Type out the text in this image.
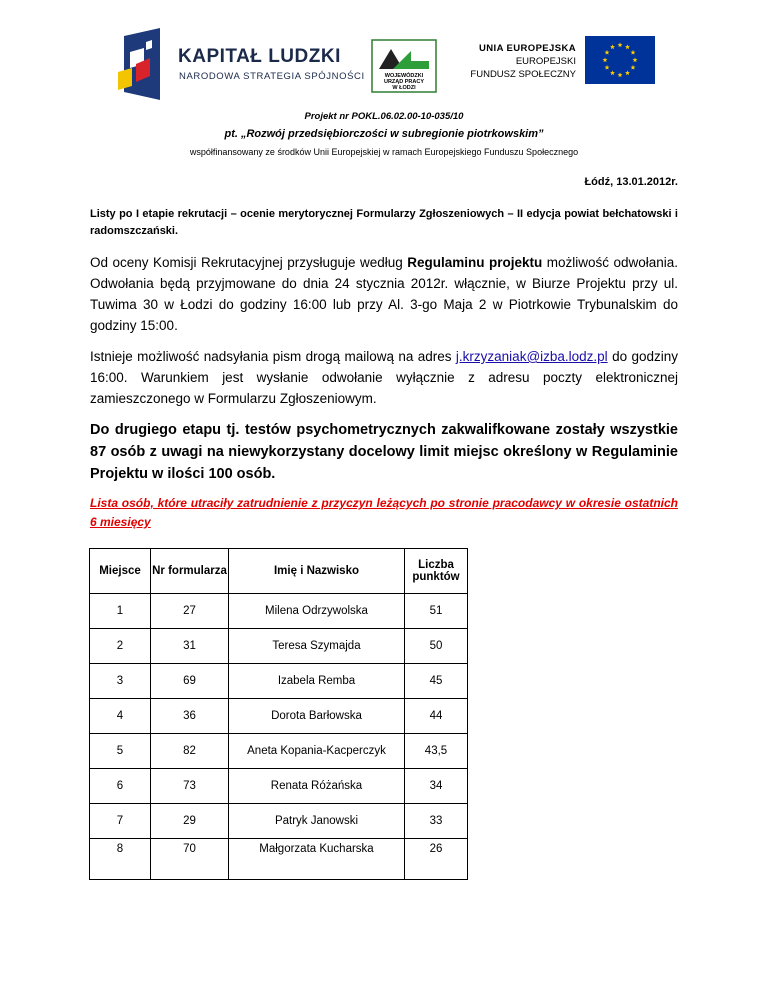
KAPITAŁ LUDZKI
NARODOWA STRATEGIA SPÓJNOŚCI	WOJEWÓDZKI
URZĄD PRACY
W ŁODZI
UNIA EUROPEJSKA
EUROPEJSKI
FUNDUSZ SPOŁECZNY
Projekt nr POKL.06.02.00-10-035/10
pt. „Rozwój przedsiębiorczości w subregionie piotrkowskim”
współfinansowany ze środków Unii Europejskiej w ramach Europejskiego Funduszu Społecznego
Łódź, 13.01.2012r.
Listy po I etapie rekrutacji – ocenie merytorycznej Formularzy Zgłoszeniowych – II edycja powiat bełchatowski i radomszczański.
Od oceny Komisji Rekrutacyjnej przysługuje według Regulaminu projektu możliwość odwołania. Odwołania będą przyjmowane do dnia 24 stycznia 2012r. włącznie, w Biurze Projektu przy ul. Tuwima 30 w Łodzi do godziny 16:00 lub przy Al. 3-go Maja 2 w Piotrkowie Trybunalskim do godziny 15:00.
Istnieje możliwość nadsyłania pism drogą mailową na adres j.krzyzaniak@izba.lodz.pl do godziny 16:00. Warunkiem jest wysłanie odwołanie wyłącznie z adresu poczty elektronicznej zamieszczonego w Formularzu Zgłoszeniowym.
Do drugiego etapu tj. testów psychometrycznych zakwalifkowane zostały wszystkie 87 osób z uwagi na niewykorzystany docelowy limit miejsc określony w Regulaminie Projektu w ilości 100 osób.
Lista osób, które utraciły zatrudnienie z przyczyn leżących po stronie pracodawcy w okresie ostatnich 6 miesięcy
Miejsce	Nr formularza	Imię i Nazwisko	Liczba punktów
1	27	Milena Odrzywolska	51
2	31	Teresa Szymajda	50
3	69	Izabela Remba	45
4	36	Dorota Barłowska	44
5	82	Aneta Kopania-Kacperczyk	43,5
6	73	Renata Różańska	34
7	29	Patryk Janowski	33
8	70	Małgorzata Kucharska	26
